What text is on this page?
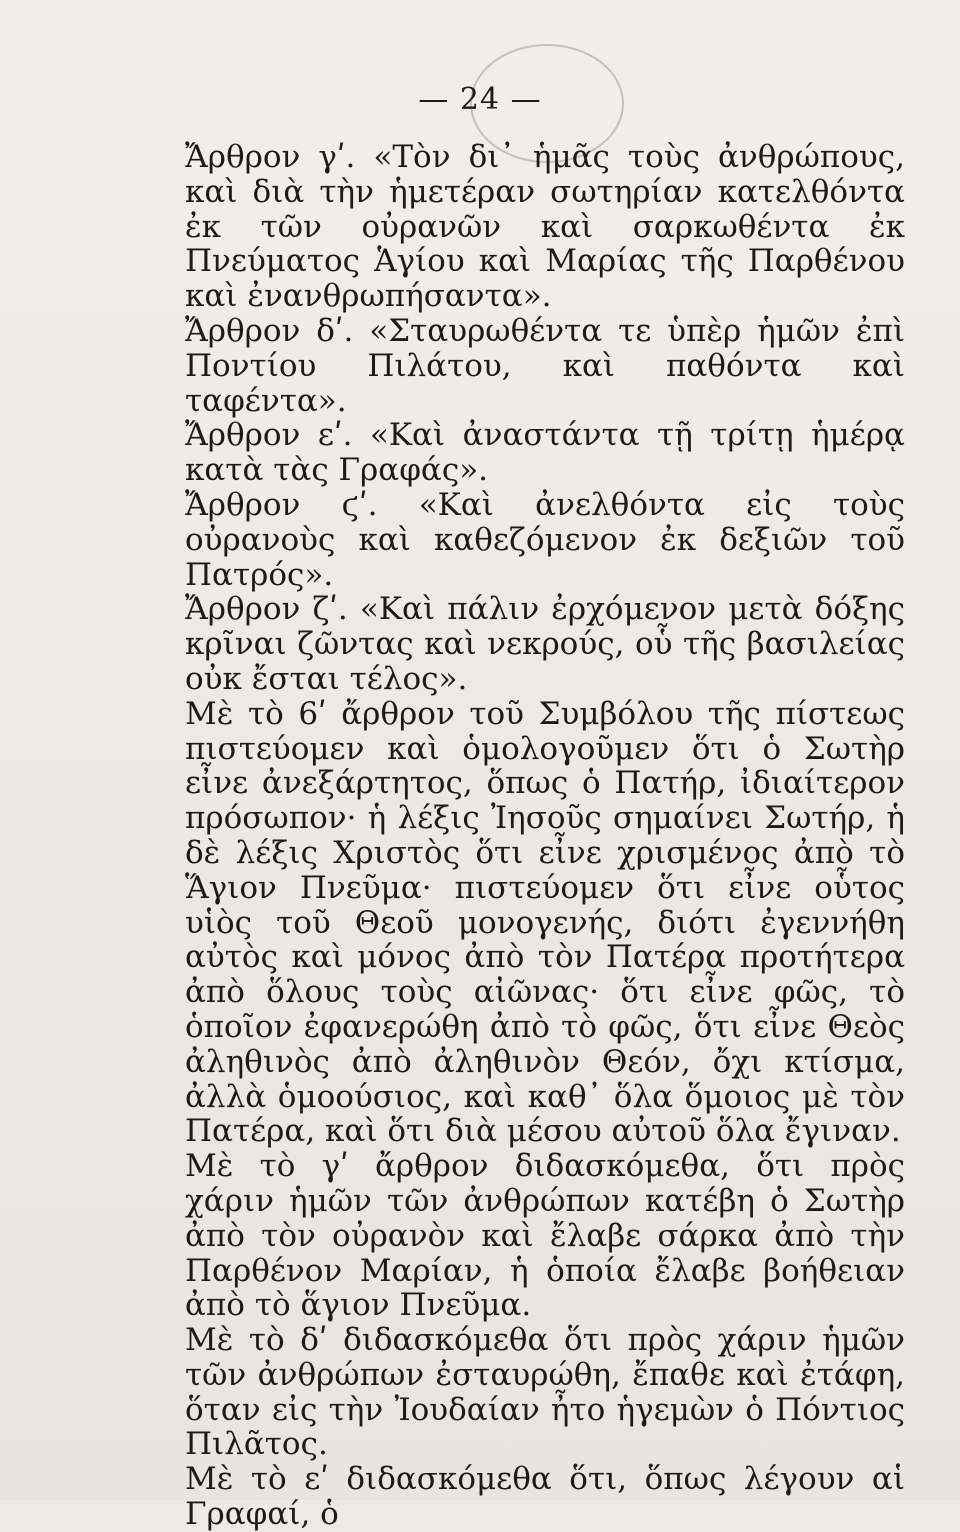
— 24 —

Ἄρθρον γʹ. «Τὸν δι᾽ ἡμᾶς τοὺς ἀνθρώπους, καὶ διὰ τὴν ἡμετέραν σωτηρίαν κατελθόντα ἐκ τῶν οὐρανῶν καὶ σαρκωθέντα ἐκ Πνεύματος Ἁγίου καὶ Μαρίας τῆς Παρθένου καὶ ἐνανθρωπήσαντα».

Ἄρθρον δʹ. «Σταυρωθέντα τε ὑπὲρ ἡμῶν ἐπὶ Ποντίου Πιλάτου, καὶ παθόντα καὶ ταφέντα».

Ἄρθρον εʹ. «Καὶ ἀναστάντα τῇ τρίτῃ ἡμέρᾳ κατὰ τὰς Γραφάς».

Ἄρθρον ϛʹ. «Καὶ ἀνελθόντα εἰς τοὺς οὐρανοὺς καὶ καθεζόμενον ἐκ δεξιῶν τοῦ Πατρός».

Ἄρθρον ζʹ. «Καὶ πάλιν ἐρχόμενον μετὰ δόξης κρῖναι ζῶντας καὶ νεκρούς, οὗ τῆς βασιλείας οὐκ ἔσται τέλος».

Μὲ τὸ 6ʹ ἄρθρον τοῦ Συμβόλου τῆς πίστεως πιστεύομεν καὶ ὁμολογοῦμεν ὅτι ὁ Σωτὴρ εἶνε ἀνεξάρτητος, ὅπως ὁ Πατήρ, ἰδιαίτερον πρόσωπον· ἡ λέξις Ἰησοῦς σημαίνει Σωτήρ, ἡ δὲ λέξις Χριστὸς ὅτι εἶνε χρισμένος ἀπὸ τὸ Ἅγιον Πνεῦμα· πιστεύομεν ὅτι εἶνε οὗτος υἱὸς τοῦ Θεοῦ μονογενής, διότι ἐγεννήθη αὐτὸς καὶ μόνος ἀπὸ τὸν Πατέρα προτήτερα ἀπὸ ὅλους τοὺς αἰῶνας· ὅτι εἶνε φῶς, τὸ ὁποῖον ἐφανερώθη ἀπὸ τὸ φῶς, ὅτι εἶνε Θεὸς ἀληθινὸς ἀπὸ ἀληθινὸν Θεόν, ὄχι κτίσμα, ἀλλὰ ὁμοούσιος, καὶ καθ᾽ ὅλα ὅμοιος μὲ τὸν Πατέρα, καὶ ὅτι διὰ μέσου αὐτοῦ ὅλα ἔγιναν.

Μὲ τὸ γʹ ἄρθρον διδασκόμεθα, ὅτι πρὸς χάριν ἡμῶν τῶν ἀνθρώπων κατέβη ὁ Σωτὴρ ἀπὸ τὸν οὐρανὸν καὶ ἔλαβε σάρκα ἀπὸ τὴν Παρθένον Μαρίαν, ἡ ὁποία ἔλαβε βοήθειαν ἀπὸ τὸ ἅγιον Πνεῦμα.

Μὲ τὸ δʹ διδασκόμεθα ὅτι πρὸς χάριν ἡμῶν τῶν ἀνθρώπων ἐσταυρώθη, ἔπαθε καὶ ἐτάφη, ὅταν εἰς τὴν Ἰουδαίαν ἦτο ἡγεμὼν ὁ Πόντιος Πιλᾶτος.

Μὲ τὸ εʹ διδασκόμεθα ὅτι, ὅπως λέγουν αἱ Γραφαί, ὁ
